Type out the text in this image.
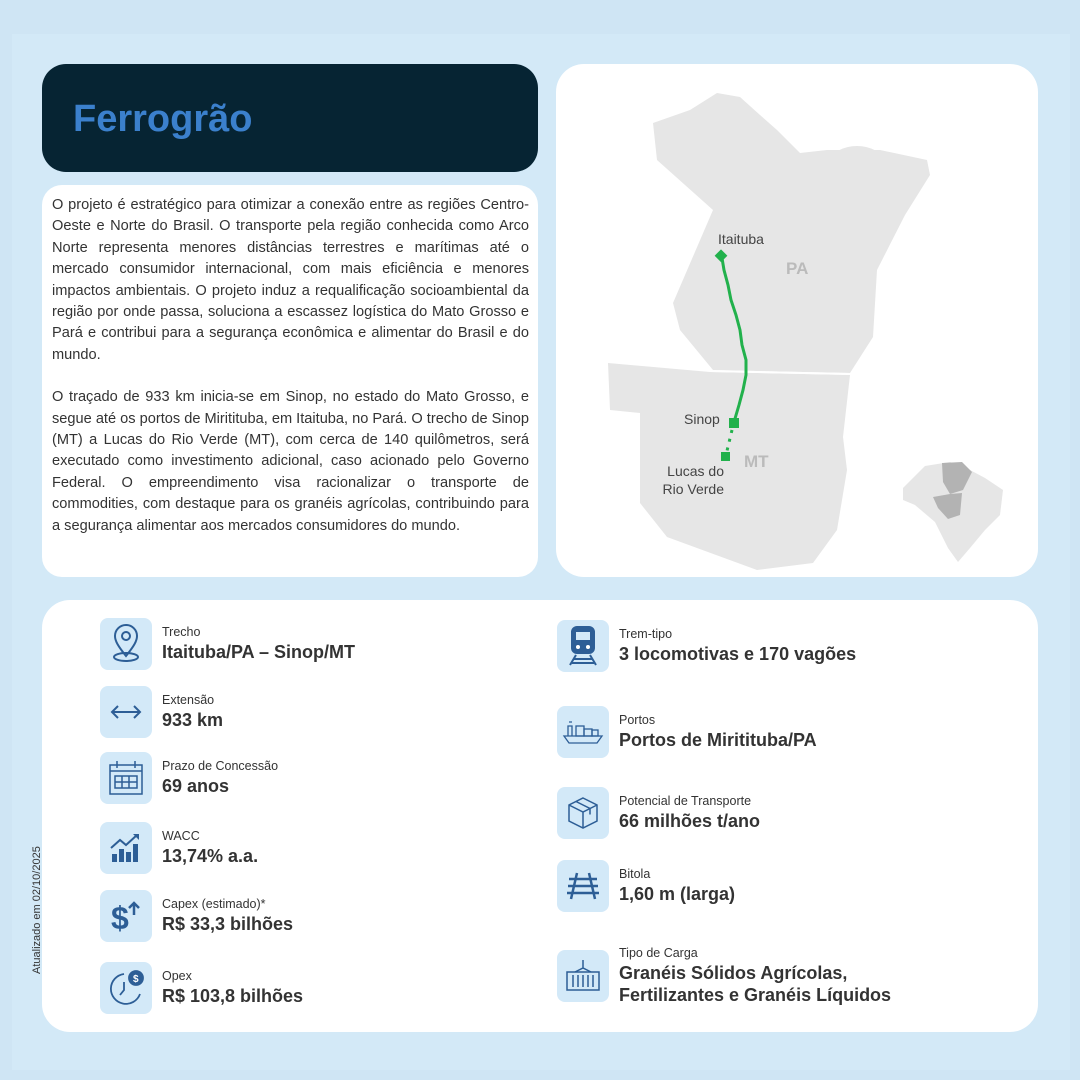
Ferrogrão

O projeto é estratégico para otimizar a conexão entre as regiões Centro-Oeste e Norte do Brasil. O transporte pela região conhecida como Arco Norte representa menores distâncias terrestres e marítimas até o mercado consumidor internacional, com mais eficiência e menores impactos ambientais. O projeto induz a requalificação socioambiental da região por onde passa, soluciona a escassez logística do Mato Grosso e Pará e contribui para a segurança econômica e alimentar do Brasil e do mundo.

O traçado de 933 km inicia-se em Sinop, no estado do Mato Grosso, e segue até os portos de Miritituba, em Itaituba, no Pará. O trecho de Sinop (MT) a Lucas do Rio Verde (MT), com cerca de 140 quilômetros, será executado como investimento adicional, caso acionado pelo Governo Federal. O empreendimento visa racionalizar o transporte de commodities, com destaque para os granéis agrícolas, contribuindo para a segurança alimentar aos mercados consumidores do mundo.

Itaituba
Sinop
Lucas do
Rio Verde
PA
MT
Atualizado em 02/10/2025
Trecho
Itaituba/PA – Sinop/MT
Extensão
933 km
Prazo de Concessão
69 anos
WACC
13,74% a.a.
$	Capex (estimado)*
R$ 33,3 bilhões
$ Opex
R$ 103,8 bilhões
Trem-tipo
3 locomotivas e 170 vagões
Portos
Portos de Miritituba/PA
Potencial de Transporte
66 milhões t/ano
Bitola
1,60 m (larga)
Tipo de Carga
Granéis Sólidos Agrícolas,
Fertilizantes e Granéis Líquidos
